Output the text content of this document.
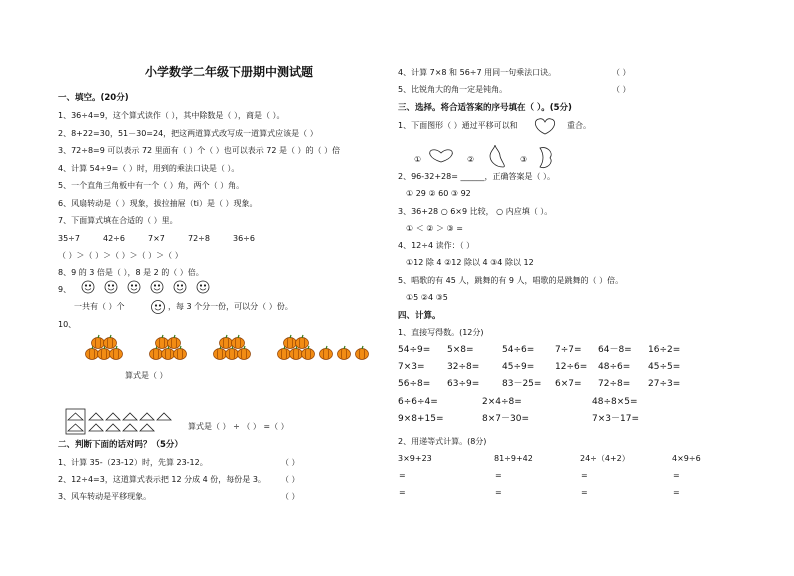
小学数学二年级下册期中测试题
一、填空。(20分)
1、36÷4=9，这个算式读作（ ），其中除数是（ ），商是（ ）。
2、8+22=30，51－30=24，把这两道算式改写成一道算式应该是（ ）
3、72÷8=9 可以表示 72 里面有（ ）个（ ）也可以表示 72 是（ ）的（ ）倍
4、计算 54÷9=（ ）时，用到的乘法口诀是（ ）。
5、一个直角三角板中有一个（ ）角，两个（ ）角。
6、风扇转动是（ ）现象，拔拉抽屉（ti）是（ ）现象。
7、下面算式填在合适的（ ）里。
35÷7	42÷6	7×7	72÷8	36÷6
（ ）＞（ ）＞（ ）＞（ ）＞（ ）
8、9 的 3 倍是（ ），8 是 2 的（ ）倍。
9、
一共有（ ）个	，每 3 个分一份，可以分（ ）份。
10、
算式是（ ）
算式是（ ） ÷ （ ） =（ ）
二、判断下面的话对吗？（5分）
1、计算 35-（23-12）时，先算 23-12。	（ ）
2、12÷4=3，这道算式表示把 12 分成 4 份，每份是 3。 （ ）
3、风车转动是平移现象。	（ ）
4、计算 7×8 和 56÷7 用同一句乘法口诀。	（ ）
5、比锐角大的角一定是钝角。	（ ）
三、选择。将合适答案的序号填在（ ）。(5分)
1、下面图形（ ）通过平移可以和	重合。
①	②	③
2、96-32+28= ______，正确答案是（ ）。
① 29 ② 60 ③ 92
3、36+28 ○ 6×9 比较， ○ 内应填（ ）。
① ＜ ② ＞ ③ =
4、12÷4 读作：（ ）
①12 除 4 ②12 除以 4 ③4 除以 12
5、唱歌的有 45 人，跳舞的有 9 人，唱歌的是跳舞的（ ）倍。
①5 ②4 ③5
四、计算。
1、直接写得数。(12分)
54÷9= 5×8=	54÷6= 7÷7= 64－8= 16÷2=
7×3= 32÷8=	45÷9= 12÷6= 48÷6= 45÷5=
56÷8= 63÷9=	83－25= 6×7= 72÷8= 27÷3=
6÷6÷4=	2×4÷8=	48÷8×5=
9×8+15=	8×7－30=	7×3－17=
2、用递等式计算。(8分)
3×9+23
=
=
81÷9+42
=
=
24÷（4+2）
=
=
4×9÷6
=
=
